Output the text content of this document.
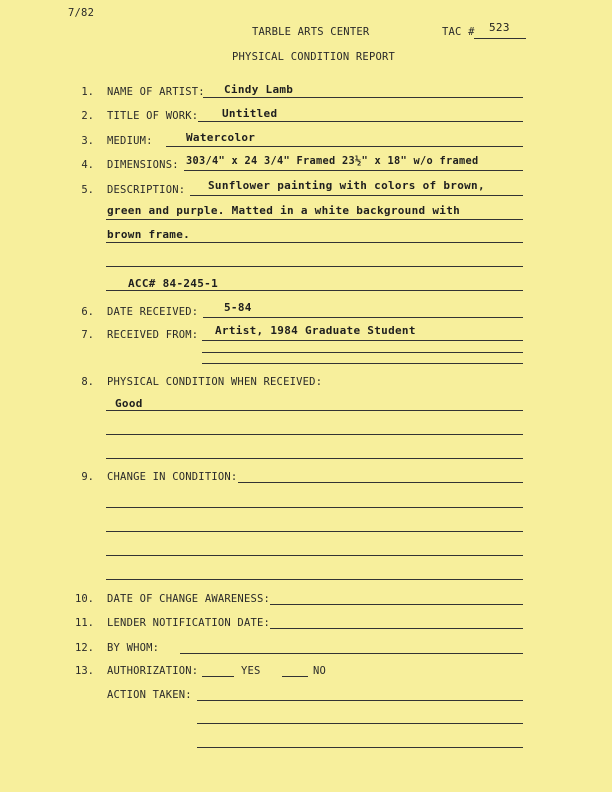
7/82
TARBLE ARTS CENTER	TAC # 523
PHYSICAL CONDITION REPORT
1. NAME OF ARTIST: Cindy Lamb
2. TITLE OF WORK: Untitled
3. MEDIUM:	Watercolor
4. DIMENSIONS: 303/4" x 24 3/4" Framed 23½" x 18" w/o framed
5. DESCRIPTION: Sunflower painting with colors of brown,
green and purple. Matted in a white background with
brown frame.
ACC# 84-245-1
6. DATE RECEIVED: 5-84
7. RECEIVED FROM: Artist, 1984 Graduate Student
8. PHYSICAL CONDITION WHEN RECEIVED:
Good
9. CHANGE IN CONDITION:
10. DATE OF CHANGE AWARENESS:
11. LENDER NOTIFICATION DATE:
12. BY WHOM:
13. AUTHORIZATION:	YES	NO
ACTION TAKEN:
